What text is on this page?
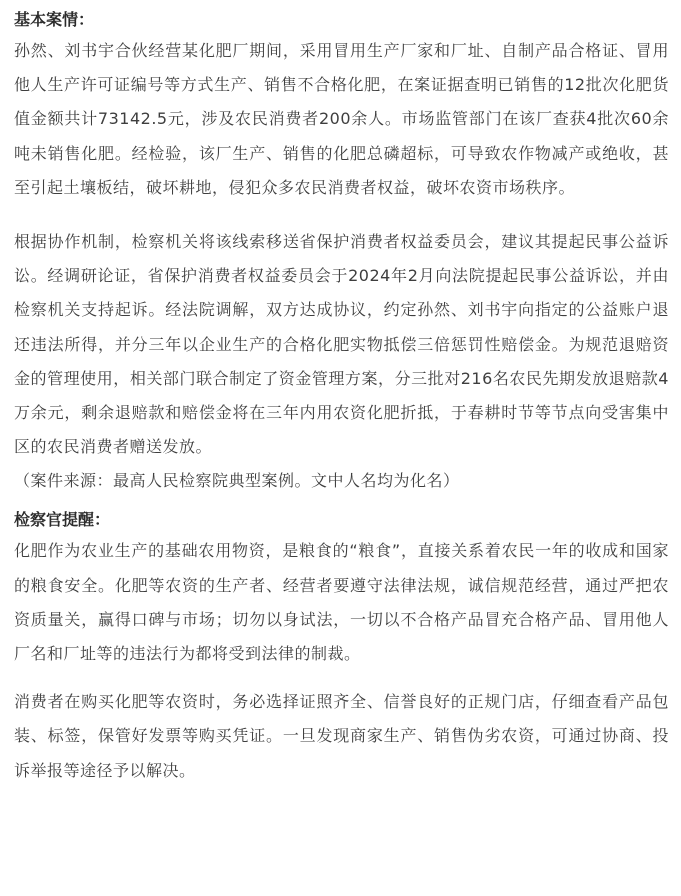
基本案情：

孙然、刘书宇合伙经营某化肥厂期间，采用冒用生产厂家和厂址、自制产品合格证、冒用他人生产许可证编号等方式生产、销售不合格化肥，在案证据查明已销售的12批次化肥货值金额共计73142.5元，涉及农民消费者200余人。市场监管部门在该厂查获4批次60余吨未销售化肥。经检验，该厂生产、销售的化肥总磷超标，可导致农作物减产或绝收，甚至引起土壤板结，破坏耕地，侵犯众多农民消费者权益，破坏农资市场秩序。

根据协作机制，检察机关将该线索移送省保护消费者权益委员会，建议其提起民事公益诉讼。经调研论证，省保护消费者权益委员会于2024年2月向法院提起民事公益诉讼，并由检察机关支持起诉。经法院调解，双方达成协议，约定孙然、刘书宇向指定的公益账户退还违法所得，并分三年以企业生产的合格化肥实物抵偿三倍惩罚性赔偿金。为规范退赔资金的管理使用，相关部门联合制定了资金管理方案，分三批对216名农民先期发放退赔款4万余元，剩余退赔款和赔偿金将在三年内用农资化肥折抵，于春耕时节等节点向受害集中区的农民消费者赠送发放。

（案件来源：最高人民检察院典型案例。文中人名均为化名）

检察官提醒：

化肥作为农业生产的基础农用物资，是粮食的“粮食”，直接关系着农民一年的收成和国家的粮食安全。化肥等农资的生产者、经营者要遵守法律法规，诚信规范经营，通过严把农资质量关，赢得口碑与市场；切勿以身试法，一切以不合格产品冒充合格产品、冒用他人厂名和厂址等的违法行为都将受到法律的制裁。

消费者在购买化肥等农资时，务必选择证照齐全、信誉良好的正规门店，仔细查看产品包装、标签，保管好发票等购买凭证。一旦发现商家生产、销售伪劣农资，可通过协商、投诉举报等途径予以解决。
